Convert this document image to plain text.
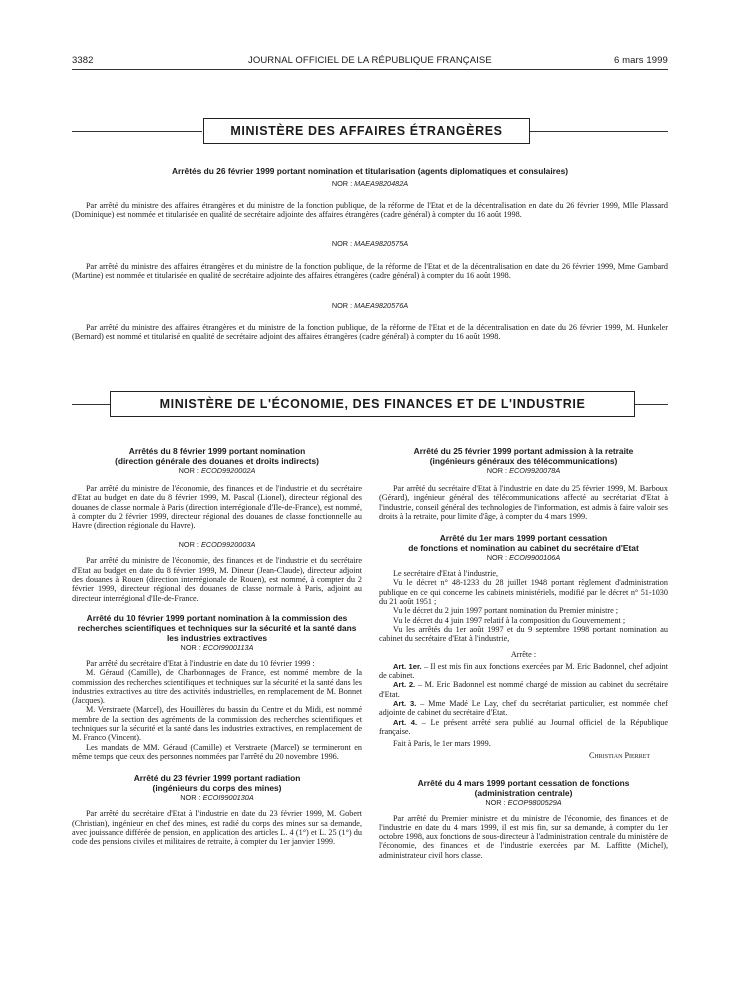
3382	JOURNAL OFFICIEL DE LA RÉPUBLIQUE FRANÇAISE	6 mars 1999
MINISTÈRE DES AFFAIRES ÉTRANGÈRES
Arrêtés du 26 février 1999 portant nomination et titularisation (agents diplomatiques et consulaires)
NOR : MAEA9820482A
Par arrêté du ministre des affaires étrangères et du ministre de la fonction publique, de la réforme de l'Etat et de la décentralisation en date du 26 février 1999, Mlle Plassard (Dominique) est nommée et titularisée en qualité de secrétaire adjointe des affaires étrangères (cadre général) à compter du 16 août 1998.
NOR : MAEA9820575A
Par arrêté du ministre des affaires étrangères et du ministre de la fonction publique, de la réforme de l'Etat et de la décentralisation en date du 26 février 1999, Mme Gambard (Martine) est nommée et titularisée en qualité de secrétaire adjointe des affaires étrangères (cadre général) à compter du 16 août 1998.
NOR : MAEA9820576A
Par arrêté du ministre des affaires étrangères et du ministre de la fonction publique, de la réforme de l'Etat et de la décentralisation en date du 26 février 1999, M. Hunkeler (Bernard) est nommé et titularisé en qualité de secrétaire adjoint des affaires étrangères (cadre général) à compter du 16 août 1998.
MINISTÈRE DE L'ÉCONOMIE, DES FINANCES ET DE L'INDUSTRIE
Arrêtés du 8 février 1999 portant nomination
(direction générale des douanes et droits indirects)
NOR : ECOD9920002A
Par arrêté du ministre de l'économie, des finances et de l'industrie et du secrétaire d'Etat au budget en date du 8 février 1999, M. Pascal (Lionel), directeur régional des douanes de classe normale à Paris (direction interrégionale d'Ile-de-France), est nommé, à compter du 2 février 1999, directeur régional des douanes de classe fonctionnelle au Havre (direction régionale du Havre).
NOR : ECOD9920003A
Par arrêté du ministre de l'économie, des finances et de l'industrie et du secrétaire d'Etat au budget en date du 8 février 1999, M. Dineur (Jean-Claude), directeur adjoint des douanes à Rouen (direction interrégionale de Rouen), est nommé, à compter du 2 février 1999, directeur régional des douanes de classe normale à Paris, adjoint au directeur interrégional d'Ile-de-France.
Arrêté du 10 février 1999 portant nomination à la commission des recherches scientifiques et techniques sur la sécurité et la santé dans les industries extractives
NOR : ECOI9900113A
Par arrêté du secrétaire d'Etat à l'industrie en date du 10 février 1999 :
M. Géraud (Camille), de Charbonnages de France, est nommé membre de la commission des recherches scientifiques et techniques sur la sécurité et la santé dans les industries extractives au titre des activités industrielles, en remplacement de M. Bonnet (Jacques).
M. Verstraete (Marcel), des Houillères du bassin du Centre et du Midi, est nommé membre de la section des agréments de la commission des recherches scientifiques et techniques sur la sécurité et la santé dans les industries extractives, en remplacement de M. Franco (Vincent).
Les mandats de MM. Géraud (Camille) et Verstraete (Marcel) se termineront en même temps que ceux des personnes nommées par l'arrêté du 20 novembre 1996.
Arrêté du 23 février 1999 portant radiation
(ingénieurs du corps des mines)
NOR : ECOI9900130A
Par arrêté du secrétaire d'Etat à l'industrie en date du 23 février 1999, M. Gobert (Christian), ingénieur en chef des mines, est radié du corps des mines sur sa demande, avec jouissance différée de pension, en application des articles L. 4 (1°) et L. 25 (1°) du code des pensions civiles et militaires de retraite, à compter du 1er janvier 1999.
Arrêté du 25 février 1999 portant admission à la retraite
(ingénieurs généraux des télécommunications)
NOR : ECOI9920078A
Par arrêté du secrétaire d'Etat à l'industrie en date du 25 février 1999, M. Barboux (Gérard), ingénieur général des télécommunications affecté au secrétariat d'Etat à l'industrie, conseil général des technologies de l'information, est admis à faire valoir ses droits à la retraite, pour limite d'âge, à compter du 4 mars 1999.
Arrêté du 1er mars 1999 portant cessation
de fonctions et nomination au cabinet du secrétaire d'Etat
NOR : ECOI9900106A
Le secrétaire d'Etat à l'industrie,
Vu le décret n° 48-1233 du 28 juillet 1948 portant règlement d'administration publique en ce qui concerne les cabinets ministériels, modifié par le décret n° 51-1030 du 21 août 1951 ;
Vu le décret du 2 juin 1997 portant nomination du Premier ministre ;
Vu le décret du 4 juin 1997 relatif à la composition du Gouvernement ;
Vu les arrêtés du 1er août 1997 et du 9 septembre 1998 portant nomination au cabinet du secrétaire d'Etat à l'industrie,
Arrête :
Art. 1er. – Il est mis fin aux fonctions exercées par M. Eric Badonnel, chef adjoint de cabinet.
Art. 2. – M. Eric Badonnel est nommé chargé de mission au cabinet du secrétaire d'Etat.
Art. 3. – Mme Madé Le Lay, chef du secrétariat particulier, est nommée chef adjointe de cabinet du secrétaire d'Etat.
Art. 4. – Le présent arrêté sera publié au Journal officiel de la République française.
Fait à Paris, le 1er mars 1999.
Christian Pierret
Arrêté du 4 mars 1999 portant cessation de fonctions
(administration centrale)
NOR : ECOP9800529A
Par arrêté du Premier ministre et du ministre de l'économie, des finances et de l'industrie en date du 4 mars 1999, il est mis fin, sur sa demande, à compter du 1er octobre 1998, aux fonctions de sous-directeur à l'administration centrale du ministère de l'économie, des finances et de l'industrie exercées par M. Laffitte (Michel), administrateur civil hors classe.
